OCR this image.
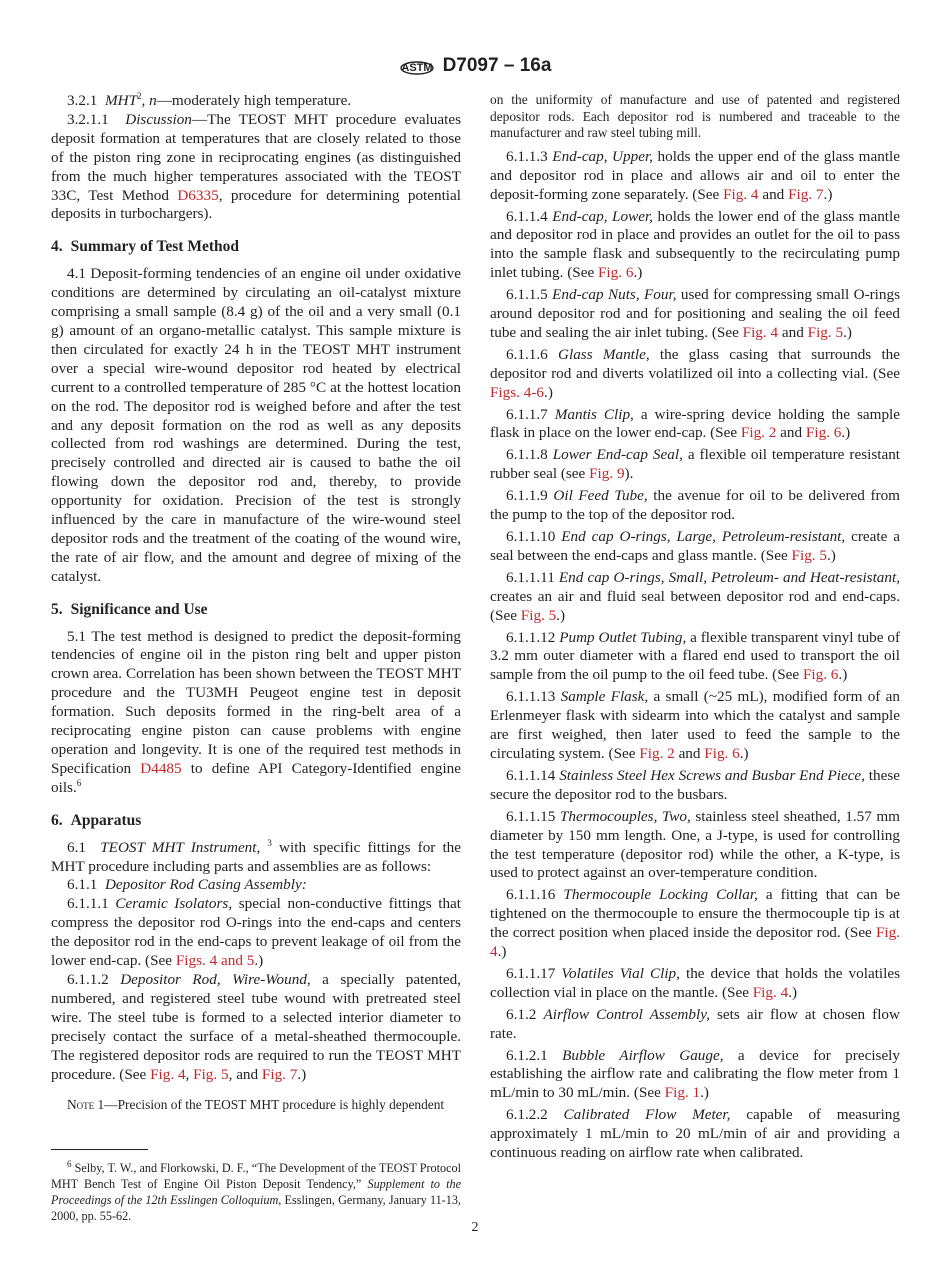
ASTM D7097 – 16a

3.2.1 MHT$^2$, n—moderately high temperature.

3.2.1.1 Discussion—The TEOST MHT procedure evaluates deposit formation at temperatures that are closely related to those of the piston ring zone in reciprocating engines (as distinguished from the much higher temperatures associated with the TEOST 33C, Test Method D6335, procedure for determining potential deposits in turbochargers).

4. Summary of Test Method

4.1 Deposit-forming tendencies of an engine oil under oxidative conditions are determined by circulating an oil-catalyst mixture comprising a small sample (8.4 g) of the oil and a very small (0.1 g) amount of an organo-metallic catalyst. This sample mixture is then circulated for exactly 24 h in the TEOST MHT instrument over a special wire-wound depositor rod heated by electrical current to a controlled temperature of 285 °C at the hottest location on the rod. The depositor rod is weighed before and after the test and any deposit formation on the rod as well as any deposits collected from rod washings are determined. During the test, precisely controlled and directed air is caused to bathe the oil flowing down the depositor rod and, thereby, to provide opportunity for oxidation. Precision of the test is strongly influenced by the care in manufacture of the wire-wound steel depositor rods and the treatment of the coating of the wound wire, the rate of air flow, and the amount and degree of mixing of the catalyst.

5. Significance and Use

5.1 The test method is designed to predict the deposit-forming tendencies of engine oil in the piston ring belt and upper piston crown area. Correlation has been shown between the TEOST MHT procedure and the TU3MH Peugeot engine test in deposit formation. Such deposits formed in the ring-belt area of a reciprocating engine piston can cause problems with engine operation and longevity. It is one of the required test methods in Specification D4485 to define API Category-Identified engine oils.$^6$

6. Apparatus

6.1 TEOST MHT Instrument, $^3$ with specific fittings for the MHT procedure including parts and assemblies are as follows:

6.1.1 Depositor Rod Casing Assembly:

6.1.1.1 Ceramic Isolators, special non-conductive fittings that compress the depositor rod O-rings into the end-caps and centers the depositor rod in the end-caps to prevent leakage of oil from the lower end-cap. (See Figs. 4 and 5.)

6.1.1.2 Depositor Rod, Wire-Wound, a specially patented, numbered, and registered steel tube wound with pretreated steel wire. The steel tube is formed to a selected interior diameter to precisely contact the surface of a metal-sheathed thermocouple. The registered depositor rods are required to run the TEOST MHT procedure. (See Fig. 4, Fig. 5, and Fig. 7.)

Note 1—Precision of the TEOST MHT procedure is highly dependent

$^6$ Selby, T. W., and Florkowski, D. F., “The Development of the TEOST Protocol MHT Bench Test of Engine Oil Piston Deposit Tendency,” Supplement to the Proceedings of the 12th Esslingen Colloquium, Esslingen, Germany, January 11-13, 2000, pp. 55-62.

on the uniformity of manufacture and use of patented and registered depositor rods. Each depositor rod is numbered and traceable to the manufacturer and raw steel tubing mill.

6.1.1.3 End-cap, Upper, holds the upper end of the glass mantle and depositor rod in place and allows air and oil to enter the deposit-forming zone separately. (See Fig. 4 and Fig. 7.)

6.1.1.4 End-cap, Lower, holds the lower end of the glass mantle and depositor rod in place and provides an outlet for the oil to pass into the sample flask and subsequently to the recirculating pump inlet tubing. (See Fig. 6.)

6.1.1.5 End-cap Nuts, Four, used for compressing small O-rings around depositor rod and for positioning and sealing the oil feed tube and sealing the air inlet tubing. (See Fig. 4 and Fig. 5.)

6.1.1.6 Glass Mantle, the glass casing that surrounds the depositor rod and diverts volatilized oil into a collecting vial. (See Figs. 4-6.)

6.1.1.7 Mantis Clip, a wire-spring device holding the sample flask in place on the lower end-cap. (See Fig. 2 and Fig. 6.)

6.1.1.8 Lower End-cap Seal, a flexible oil temperature resistant rubber seal (see Fig. 9).

6.1.1.9 Oil Feed Tube, the avenue for oil to be delivered from the pump to the top of the depositor rod.

6.1.1.10 End cap O-rings, Large, Petroleum-resistant, create a seal between the end-caps and glass mantle. (See Fig. 5.)

6.1.1.11 End cap O-rings, Small, Petroleum- and Heat-resistant, creates an air and fluid seal between depositor rod and end-caps. (See Fig. 5.)

6.1.1.12 Pump Outlet Tubing, a flexible transparent vinyl tube of 3.2 mm outer diameter with a flared end used to transport the oil sample from the oil pump to the oil feed tube. (See Fig. 6.)

6.1.1.13 Sample Flask, a small (~25 mL), modified form of an Erlenmeyer flask with sidearm into which the catalyst and sample are first weighed, then later used to feed the sample to the circulating system. (See Fig. 2 and Fig. 6.)

6.1.1.14 Stainless Steel Hex Screws and Busbar End Piece, these secure the depositor rod to the busbars.

6.1.1.15 Thermocouples, Two, stainless steel sheathed, 1.57 mm diameter by 150 mm length. One, a J-type, is used for controlling the test temperature (depositor rod) while the other, a K-type, is used to protect against an over-temperature condition.

6.1.1.16 Thermocouple Locking Collar, a fitting that can be tightened on the thermocouple to ensure the thermocouple tip is at the correct position when placed inside the depositor rod. (See Fig. 4.)

6.1.1.17 Volatiles Vial Clip, the device that holds the volatiles collection vial in place on the mantle. (See Fig. 4.)

6.1.2 Airflow Control Assembly, sets air flow at chosen flow rate.

6.1.2.1 Bubble Airflow Gauge, a device for precisely establishing the airflow rate and calibrating the flow meter from 1 mL/min to 30 mL/min. (See Fig. 1.)

6.1.2.2 Calibrated Flow Meter, capable of measuring approximately 1 mL/min to 20 mL/min of air and providing a continuous reading on airflow rate when calibrated.

2
